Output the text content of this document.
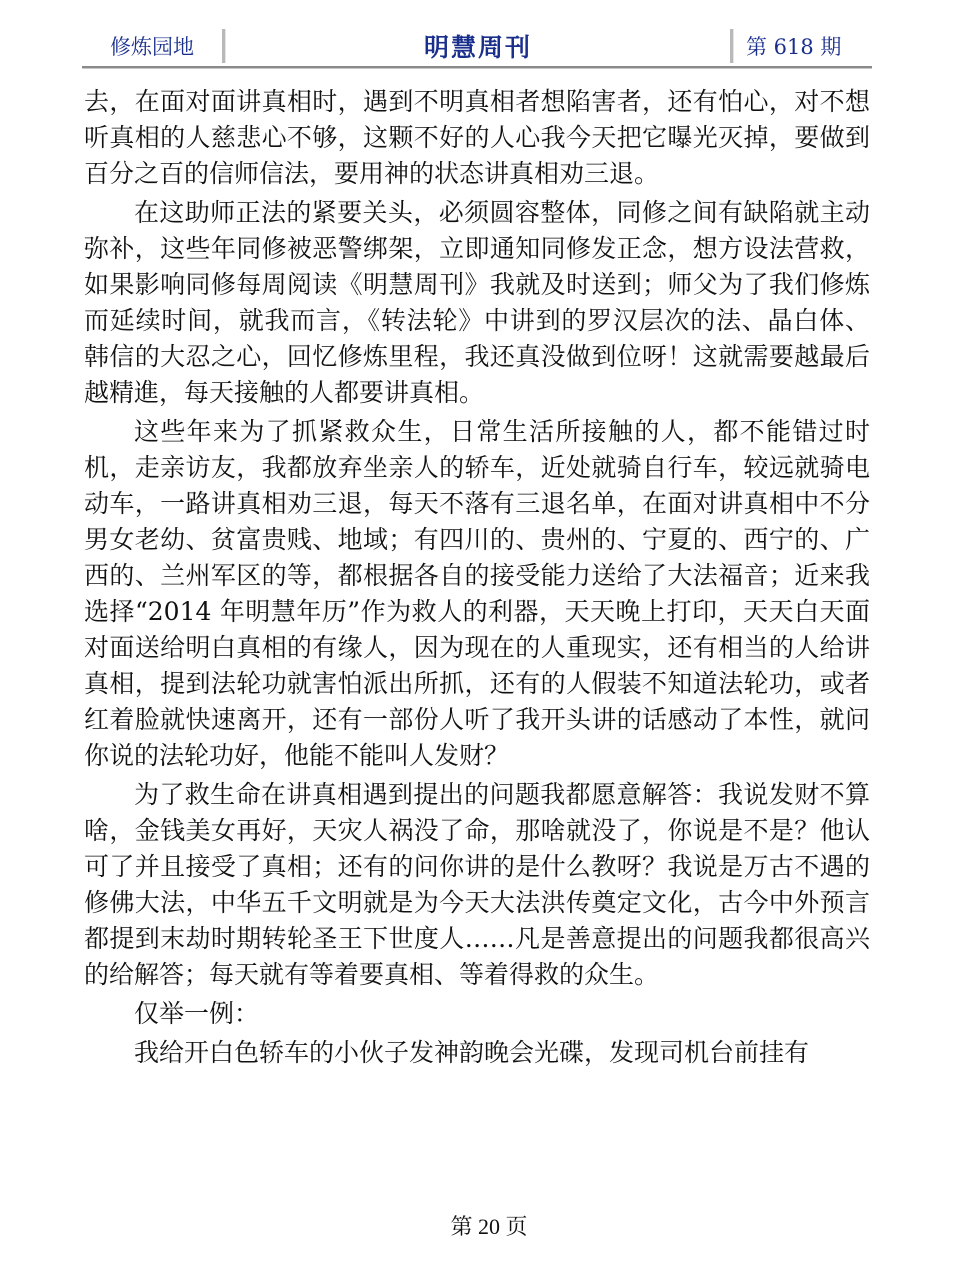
修炼园地	明慧周刊	第 618 期

去，在面对面讲真相时，遇到不明真相者想陷害者，还有怕心，对不想听真相的人慈悲心不够，这颗不好的人心我今天把它曝光灭掉，要做到百分之百的信师信法，要用神的状态讲真相劝三退。

在这助师正法的紧要关头，必须圆容整体，同修之间有缺陷就主动弥补，这些年同修被恶警绑架，立即通知同修发正念，想方设法营救，如果影响同修每周阅读《明慧周刊》我就及时送到；师父为了我们修炼而延续时间，就我而言，《转法轮》中讲到的罗汉层次的法、晶白体、韩信的大忍之心，回忆修炼里程，我还真没做到位呀！这就需要越最后越精進，每天接触的人都要讲真相。

这些年来为了抓紧救众生，日常生活所接触的人，都不能错过时机，走亲访友，我都放弃坐亲人的轿车，近处就骑自行车，较远就骑电动车，一路讲真相劝三退，每天不落有三退名单，在面对讲真相中不分男女老幼、贫富贵贱、地域；有四川的、贵州的、宁夏的、西宁的、广西的、兰州军区的等，都根据各自的接受能力送给了大法福音；近来我选择“2014 年明慧年历”作为救人的利器，天天晚上打印，天天白天面对面送给明白真相的有缘人，因为现在的人重现实，还有相当的人给讲真相，提到法轮功就害怕派出所抓，还有的人假装不知道法轮功，或者红着脸就快速离开，还有一部份人听了我开头讲的话感动了本性，就问你说的法轮功好，他能不能叫人发财？

为了救生命在讲真相遇到提出的问题我都愿意解答：我说发财不算啥，金钱美女再好，天灾人祸没了命，那啥就没了，你说是不是？他认可了并且接受了真相；还有的问你讲的是什么教呀？我说是万古不遇的修佛大法，中华五千文明就是为今天大法洪传奠定文化，古今中外预言都提到末劫时期转轮圣王下世度人……凡是善意提出的问题我都很高兴的给解答；每天就有等着要真相、等着得救的众生。

仅举一例：

我给开白色轿车的小伙子发神韵晚会光碟，发现司机台前挂有

第 20 页
